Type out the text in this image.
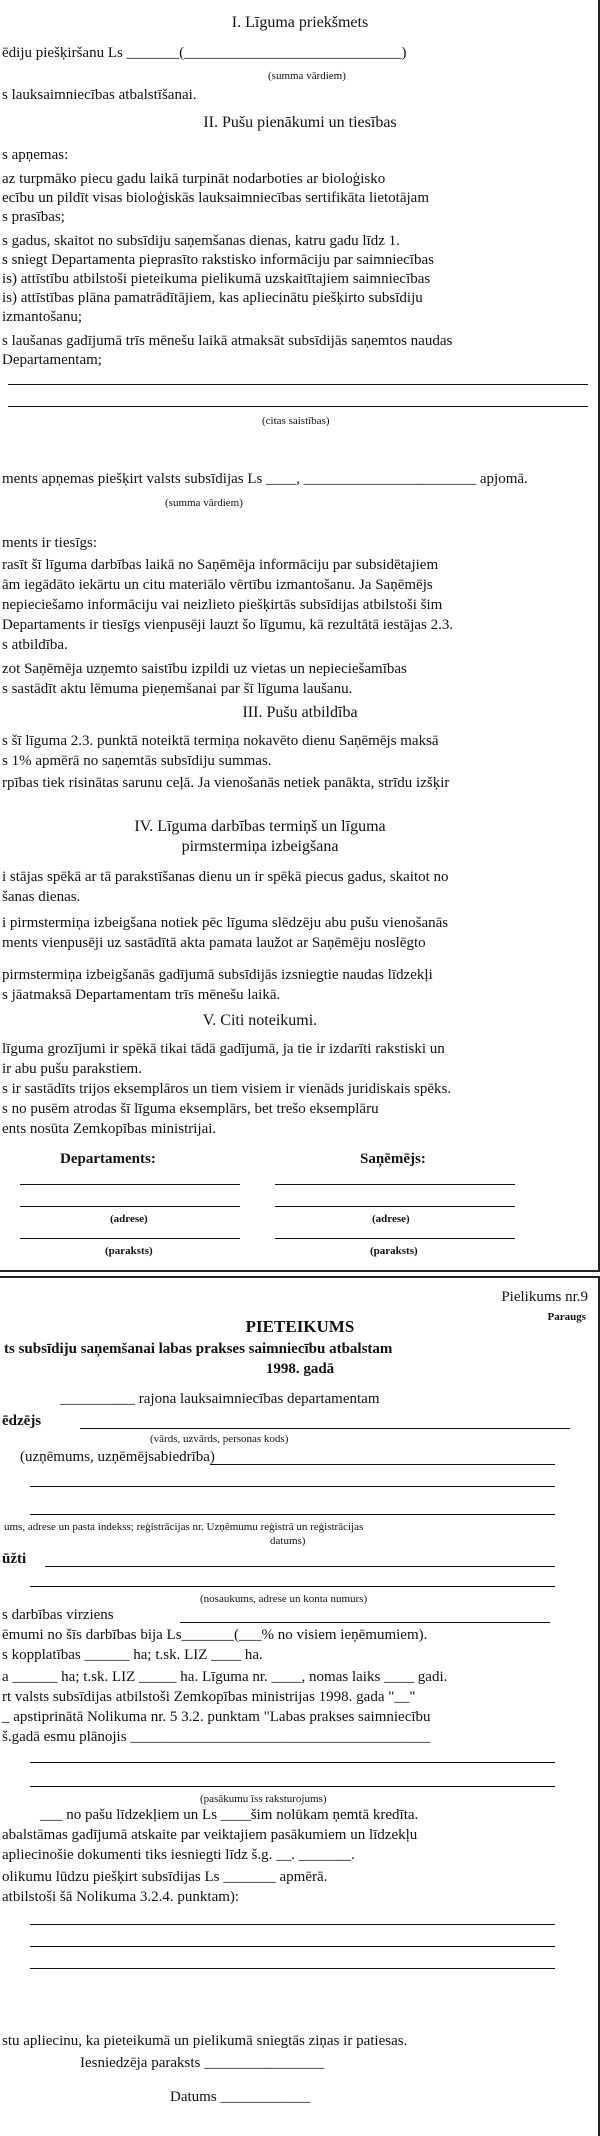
I. Līguma priekšmets
ēdiju piešķiršanu Ls _______(_____________________________)
(summa vārdiem)
s lauksaimniecības atbalstīšanai.
II. Pušu pienākumi un tiesības
s apņemas:
az turpmāko piecu gadu laikā turpināt nodarboties ar bioloģisko
ecību un pildīt visas bioloģiskās lauksaimniecības sertifikāta lietotājam
s prasības;
s gadus, skaitot no subsīdiju saņemšanas dienas, katru gadu līdz 1.
s sniegt Departamenta pieprasīto rakstisko informāciju par saimniecības
is) attīstību atbilstoši pieteikuma pielikumā uzskaitītajiem saimniecības
is) attīstības plāna pamatrādītājiem, kas apliecinātu piešķirto subsīdiju
izmantošanu;
s laušanas gadījumā trīs mēnešu laikā atmaksāt subsīdijās saņemtos naudas
Departamentam;
(citas saistības)
ments apņemas piešķirt valsts subsīdijas Ls ____, _______________________ apjomā.
(summa vārdiem)
ments ir tiesīgs:
rasīt šī līguma darbības laikā no Saņēmēja informāciju par subsidētajiem
ām iegādāto iekārtu un citu materiālo vērtību izmantošanu. Ja Saņēmējs
nepieciešamo informāciju vai neizlieto piešķirtās subsīdijas atbilstoši šim
Departaments ir tiesīgs vienpusēji lauzt šo līgumu, kā rezultātā iestājas 2.3.
s atbildība.
zot Saņēmēja uzņemto saistību izpildi uz vietas un nepieciešamības
s sastādīt aktu lēmuma pieņemšanai par šī līguma laušanu.
III. Pušu atbildība
s šī līguma 2.3. punktā noteiktā termiņa nokavēto dienu Saņēmējs maksā
s 1% apmērā no saņemtās subsīdiju summas.
rpības tiek risinātas sarunu ceļā. Ja vienošanās netiek panākta, strīdu izšķir
IV. Līguma darbības termiņš un līguma
pirmstermiņa izbeigšana
i stājas spēkā ar tā parakstīšanas dienu un ir spēkā piecus gadus, skaitot no
šanas dienas.
i pirmstermiņa izbeigšana notiek pēc līguma slēdzēju abu pušu vienošanās
ments vienpusēji uz sastādītā akta pamata laužot ar Saņēmēju noslēgto
pirmstermiņa izbeigšanās gadījumā subsīdijās izsniegtie naudas līdzekļi
s jāatmaksā Departamentam trīs mēnešu laikā.
V. Citi noteikumi.
līguma grozījumi ir spēkā tikai tādā gadījumā, ja tie ir izdarīti rakstiski un
ir abu pušu parakstiem.
s ir sastādīts trijos eksemplāros un tiem visiem ir vienāds juridiskais spēks.
s no pusēm atrodas šī līguma eksemplārs, bet trešo eksemplāru
ents nosūta Zemkopības ministrijai.
Departaments:	Saņēmējs:
(adrese)	(adrese)
(paraksts)	(paraksts)
Pielikums nr.9
Paraugs
PIETEIKUMS
ts subsīdiju saņemšanai labas prakses saimniecību atbalstam
1998. gadā
__________ rajona lauksaimniecības departamentam
ēdzējs
(vārds, uzvārds, personas kods)
(uzņēmums, uzņēmējsabiedrība)
ums, adrese un pasta indekss; reģistrācijas nr. Uzņēmumu reģistrā un reģistrācijas
datums)
ūžti
(nosaukums, adrese un konta numurs)
s darbības virziens
ēmumi no šīs darbības bija Ls_______(___% no visiem ieņēmumiem).
s kopplatības ______ ha; t.sk. LIZ ____ ha.
a ______ ha; t.sk. LIZ _____ ha. Līguma nr. ____, nomas laiks ____ gadi.
rt valsts subsīdijas atbilstoši Zemkopības ministrijas 1998. gada "__"
_ apstiprinātā Nolikuma nr. 5 3.2. punktam "Labas prakses saimniecību
š.gadā esmu plānojis ________________________________________
(pasākumu īss raksturojums)
___ no pašu līdzekļiem un Ls ____šim nolūkam ņemtā kredīta.
abalstāmas gadījumā atskaite par veiktajiem pasākumiem un līdzekļu
apliecinošie dokumenti tiks iesniegti līdz š.g. __. _______.
olikumu lūdzu piešķirt subsīdijas Ls _______ apmērā.
atbilstoši šā Nolikuma 3.2.4. punktam):
stu apliecinu, ka pieteikumā un pielikumā sniegtās ziņas ir patiesas.
Iesniedzēja paraksts ________________
Datums ____________
